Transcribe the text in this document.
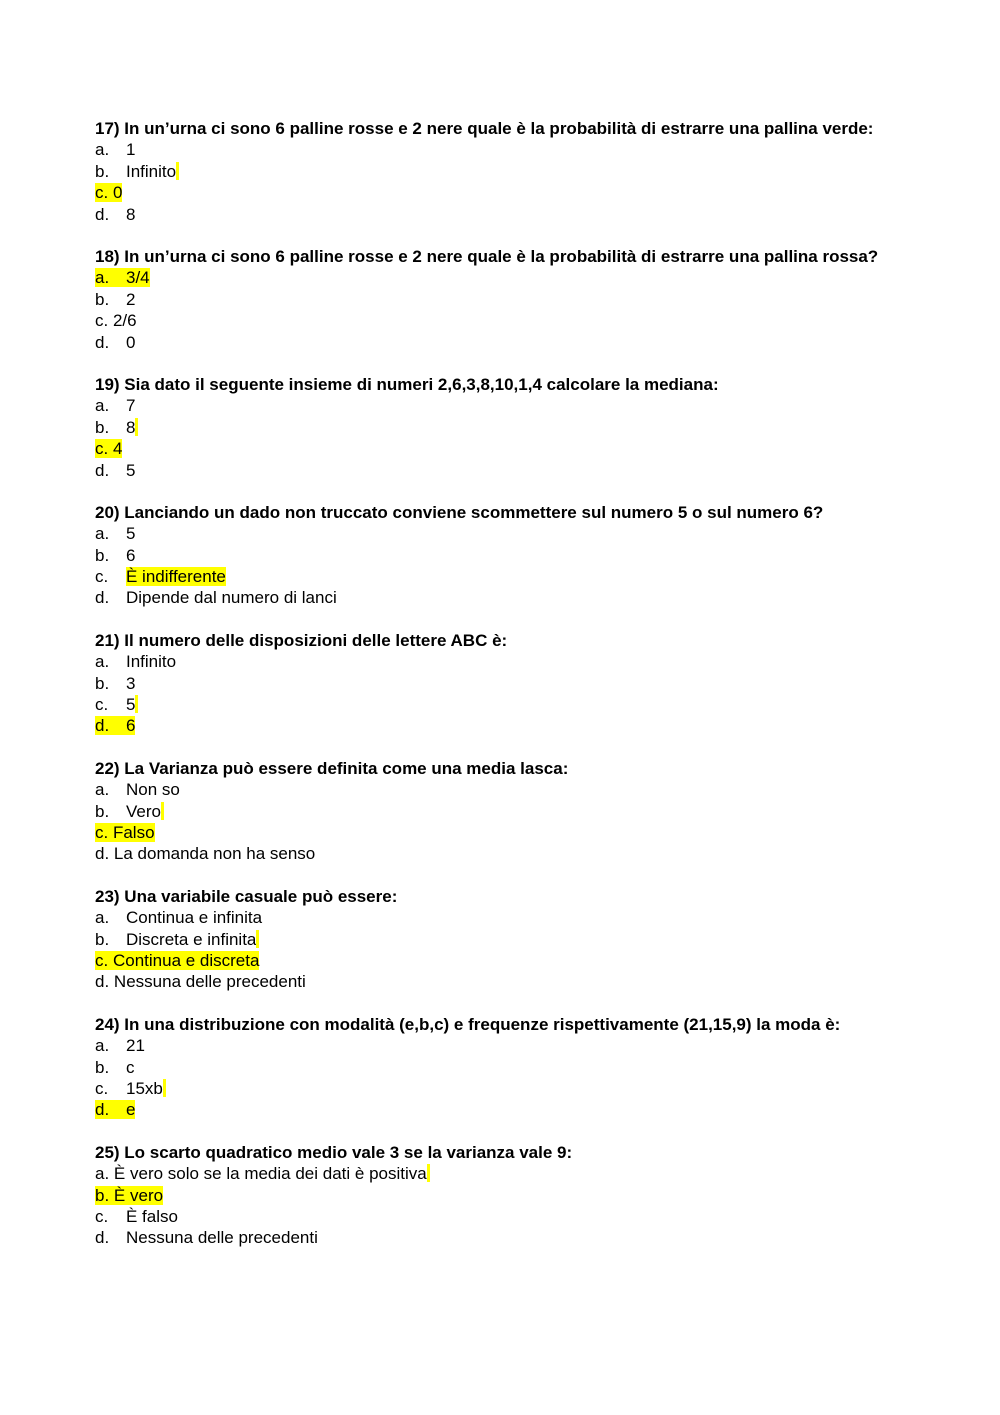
17) In un’urna ci sono 6 palline rosse e 2 nere quale è la probabilità di estrarre una pallina verde:

a. 1
b. Infinito
c. 0
d. 8

18) In un’urna ci sono 6 palline rosse e 2 nere quale è la probabilità di estrarre una pallina rossa?

a. 3/4
b. 2
c. 2/6
d. 0

19) Sia dato il seguente insieme di numeri 2,6,3,8,10,1,4 calcolare la mediana:

a. 7
b. 8
c. 4
d. 5

20) Lanciando un dado non truccato conviene scommettere sul numero 5 o sul numero 6?

a. 5
b. 6
c. È indifferente
d. Dipende dal numero di lanci

21) Il numero delle disposizioni delle lettere ABC è:

a. Infinito
b. 3
c. 5
d. 6

22) La Varianza può essere definita come una media lasca:

a. Non so
b. Vero
c. Falso
d. La domanda non ha senso

23) Una variabile casuale può essere:

a. Continua e infinita
b. Discreta e infinita
c. Continua e discreta
d. Nessuna delle precedenti

24) In una distribuzione con modalità (e,b,c) e frequenze rispettivamente (21,15,9) la moda è:

a. 21
b. c
c. 15xb
d. e

25) Lo scarto quadratico medio vale 3 se la varianza vale 9:

a. È vero solo se la media dei dati è positiva
b. È vero
c. È falso
d. Nessuna delle precedenti
